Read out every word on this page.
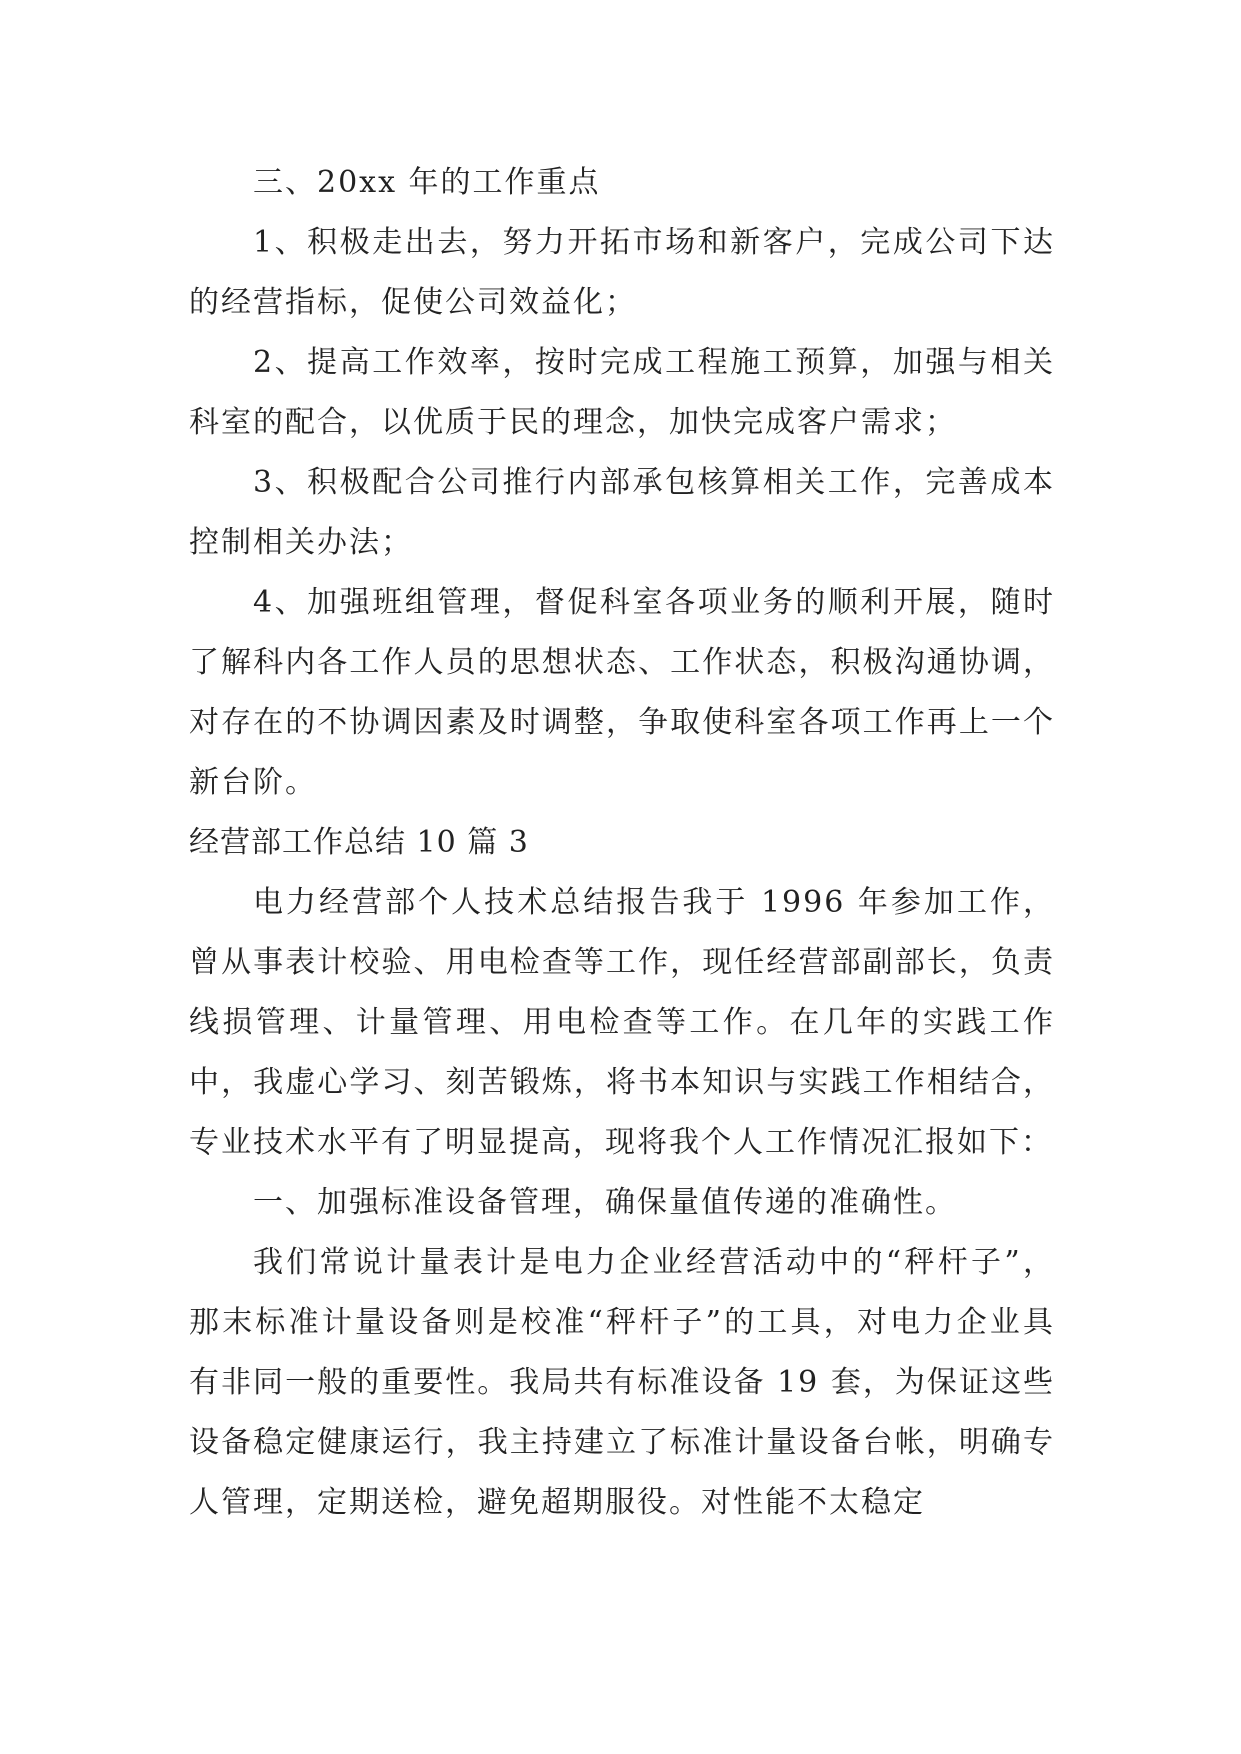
三、20xx 年的工作重点

1、积极走出去，努力开拓市场和新客户，完成公司下达的经营指标，促使公司效益化；

2、提高工作效率，按时完成工程施工预算，加强与相关科室的配合，以优质于民的理念，加快完成客户需求；

3、积极配合公司推行内部承包核算相关工作，完善成本控制相关办法；

4、加强班组管理，督促科室各项业务的顺利开展，随时了解科内各工作人员的思想状态、工作状态，积极沟通协调，对存在的不协调因素及时调整，争取使科室各项工作再上一个新台阶。

经营部工作总结 10 篇 3

电力经营部个人技术总结报告我于 1996 年参加工作，曾从事表计校验、用电检查等工作，现任经营部副部长，负责线损管理、计量管理、用电检查等工作。在几年的实践工作中，我虚心学习、刻苦锻炼，将书本知识与实践工作相结合，专业技术水平有了明显提高，现将我个人工作情况汇报如下：

一、加强标准设备管理，确保量值传递的准确性。

我们常说计量表计是电力企业经营活动中的“秤杆子”，那末标准计量设备则是校准“秤杆子”的工具，对电力企业具有非同一般的重要性。我局共有标准设备 19 套，为保证这些设备稳定健康运行，我主持建立了标准计量设备台帐，明确专人管理，定期送检，避免超期服役。对性能不太稳定
